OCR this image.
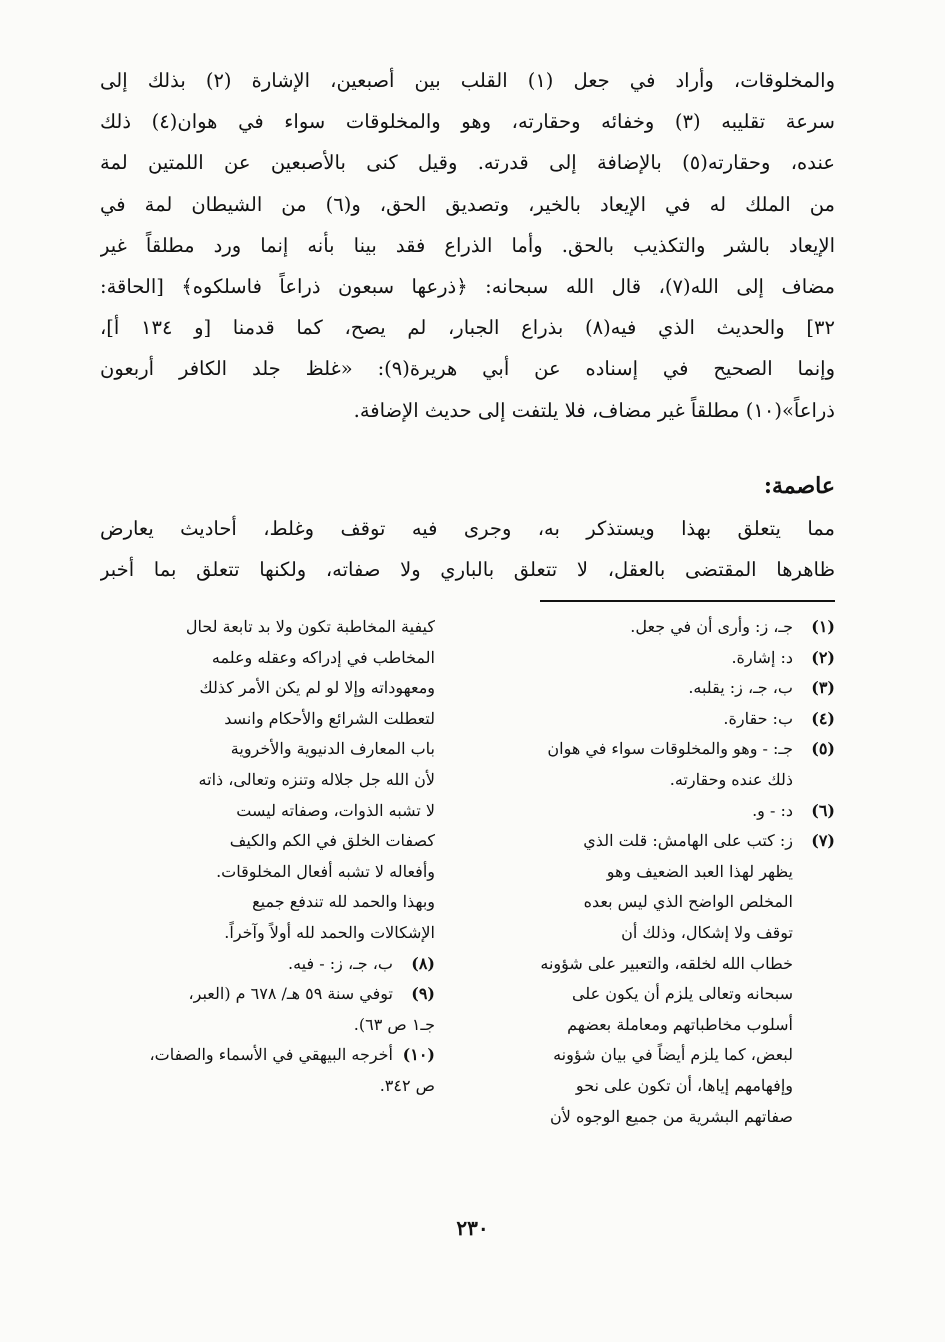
والمخلوقات، وأراد في جعل (١) القلب بين أصبعين، الإشارة (٢) بذلك إلى
سرعة تقليبه (٣) وخفائه وحقارته، وهو والمخلوقات سواء في هوان(٤) ذلك
عنده، وحقارته(٥) بالإضافة إلى قدرته. وقيل كنى بالأصبعين عن اللمتين لمة
من الملك له في الإيعاد بالخير، وتصديق الحق، و(٦) من الشيطان لمة في
الإيعاد بالشر والتكذيب بالحق. وأما الذراع فقد بينا بأنه إنما ورد مطلقاً غير
مضاف إلى الله(٧)، قال الله سبحانه: ﴿ذرعها سبعون ذراعاً فاسلكوه﴾ [الحاقة:
٣٢] والحديث الذي فيه(٨) بذراع الجبار، لم يصح، كما قدمنا [و ١٣٤ أ]،
وإنما الصحيح في إسناده عن أبي هريرة(٩): «غلظ جلد الكافر أربعون
ذراعاً»(١٠) مطلقاً غير مضاف، فلا يلتفت إلى حديث الإضافة.
عاصمة:
مما يتعلق بهذا ويستذكر به، وجرى فيه توقف وغلط، أحاديث يعارض
ظاهرها المقتضى بالعقل، لا تتعلق بالباري ولا صفاته، ولكنها تتعلق بما أخبر
(١)جـ، ز: وأرى أن في جعل.
(٢)د: إشارة.
(٣)ب، جـ، ز: يقلبه.
(٤)ب: حقارة.
(٥)جـ: - وهو والمخلوقات سواء في هوان
ذلك عنده وحقارته.
(٦)د: - و.
(٧)ز: كتب على الهامش: قلت الذي
يظهر لهذا العبد الضعيف وهو
المخلص الواضح الذي ليس بعده
توقف ولا إشكال، وذلك أن
خطاب الله لخلقه، والتعبير على شؤونه
سبحانه وتعالى يلزم أن يكون على
أسلوب مخاطباتهم ومعاملة بعضهم
لبعض، كما يلزم أيضاً في بيان شؤونه
وإفهامهم إياها، أن تكون على نحو
صفاتهم البشرية من جميع الوجوه لأن
كيفية المخاطبة تكون ولا بد تابعة لحال
المخاطب في إدراكه وعقله وعلمه
ومعهوداته وإلا لو لم يكن الأمر كذلك
لتعطلت الشرائع والأحكام وانسد
باب المعارف الدنيوية والأخروية
لأن الله جل جلاله وتنزه وتعالى، ذاته
لا تشبه الذوات، وصفاته ليست
كصفات الخلق في الكم والكيف
وأفعاله لا تشبه أفعال المخلوقات.
وبهذا والحمد لله تندفع جميع
الإشكالات والحمد لله أولاً وآخراً.
(٨)ب، جـ، ز: - فيه.
(٩)توفي سنة ٥٩ هـ/ ٦٧٨ م (العبر،
جـ١ ص ٦٣).
(١٠)أخرجه البيهقي في الأسماء والصفات،
ص ٣٤٢.
٢٣٠
